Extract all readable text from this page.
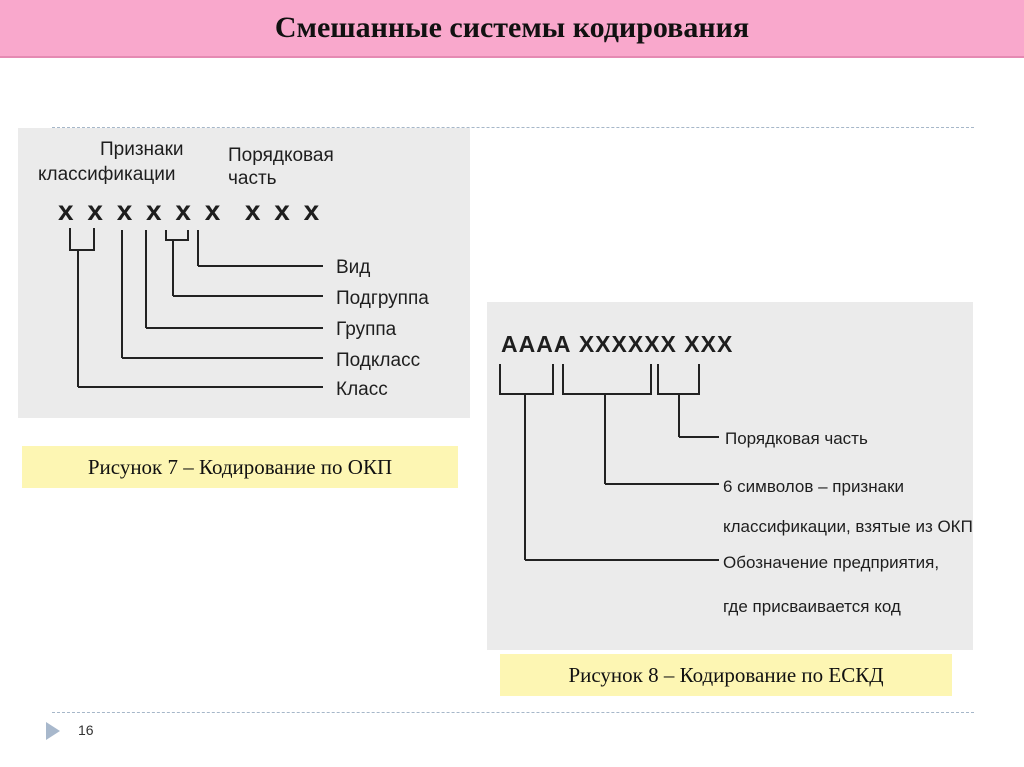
Смешанные системы кодирования
Признаки
классификации
Порядковая
часть
х х х х х х  х х х
Вид
Подгруппа
Группа
Подкласс
Класс
Рисунок 7 – Кодирование по ОКП
АААА ХХХХХХ ХХХ
Порядковая часть
6 символов – признаки
классификации, взятые из ОКП
Обозначение предприятия,
где присваивается код
Рисунок 8 – Кодирование по ЕСКД
16
